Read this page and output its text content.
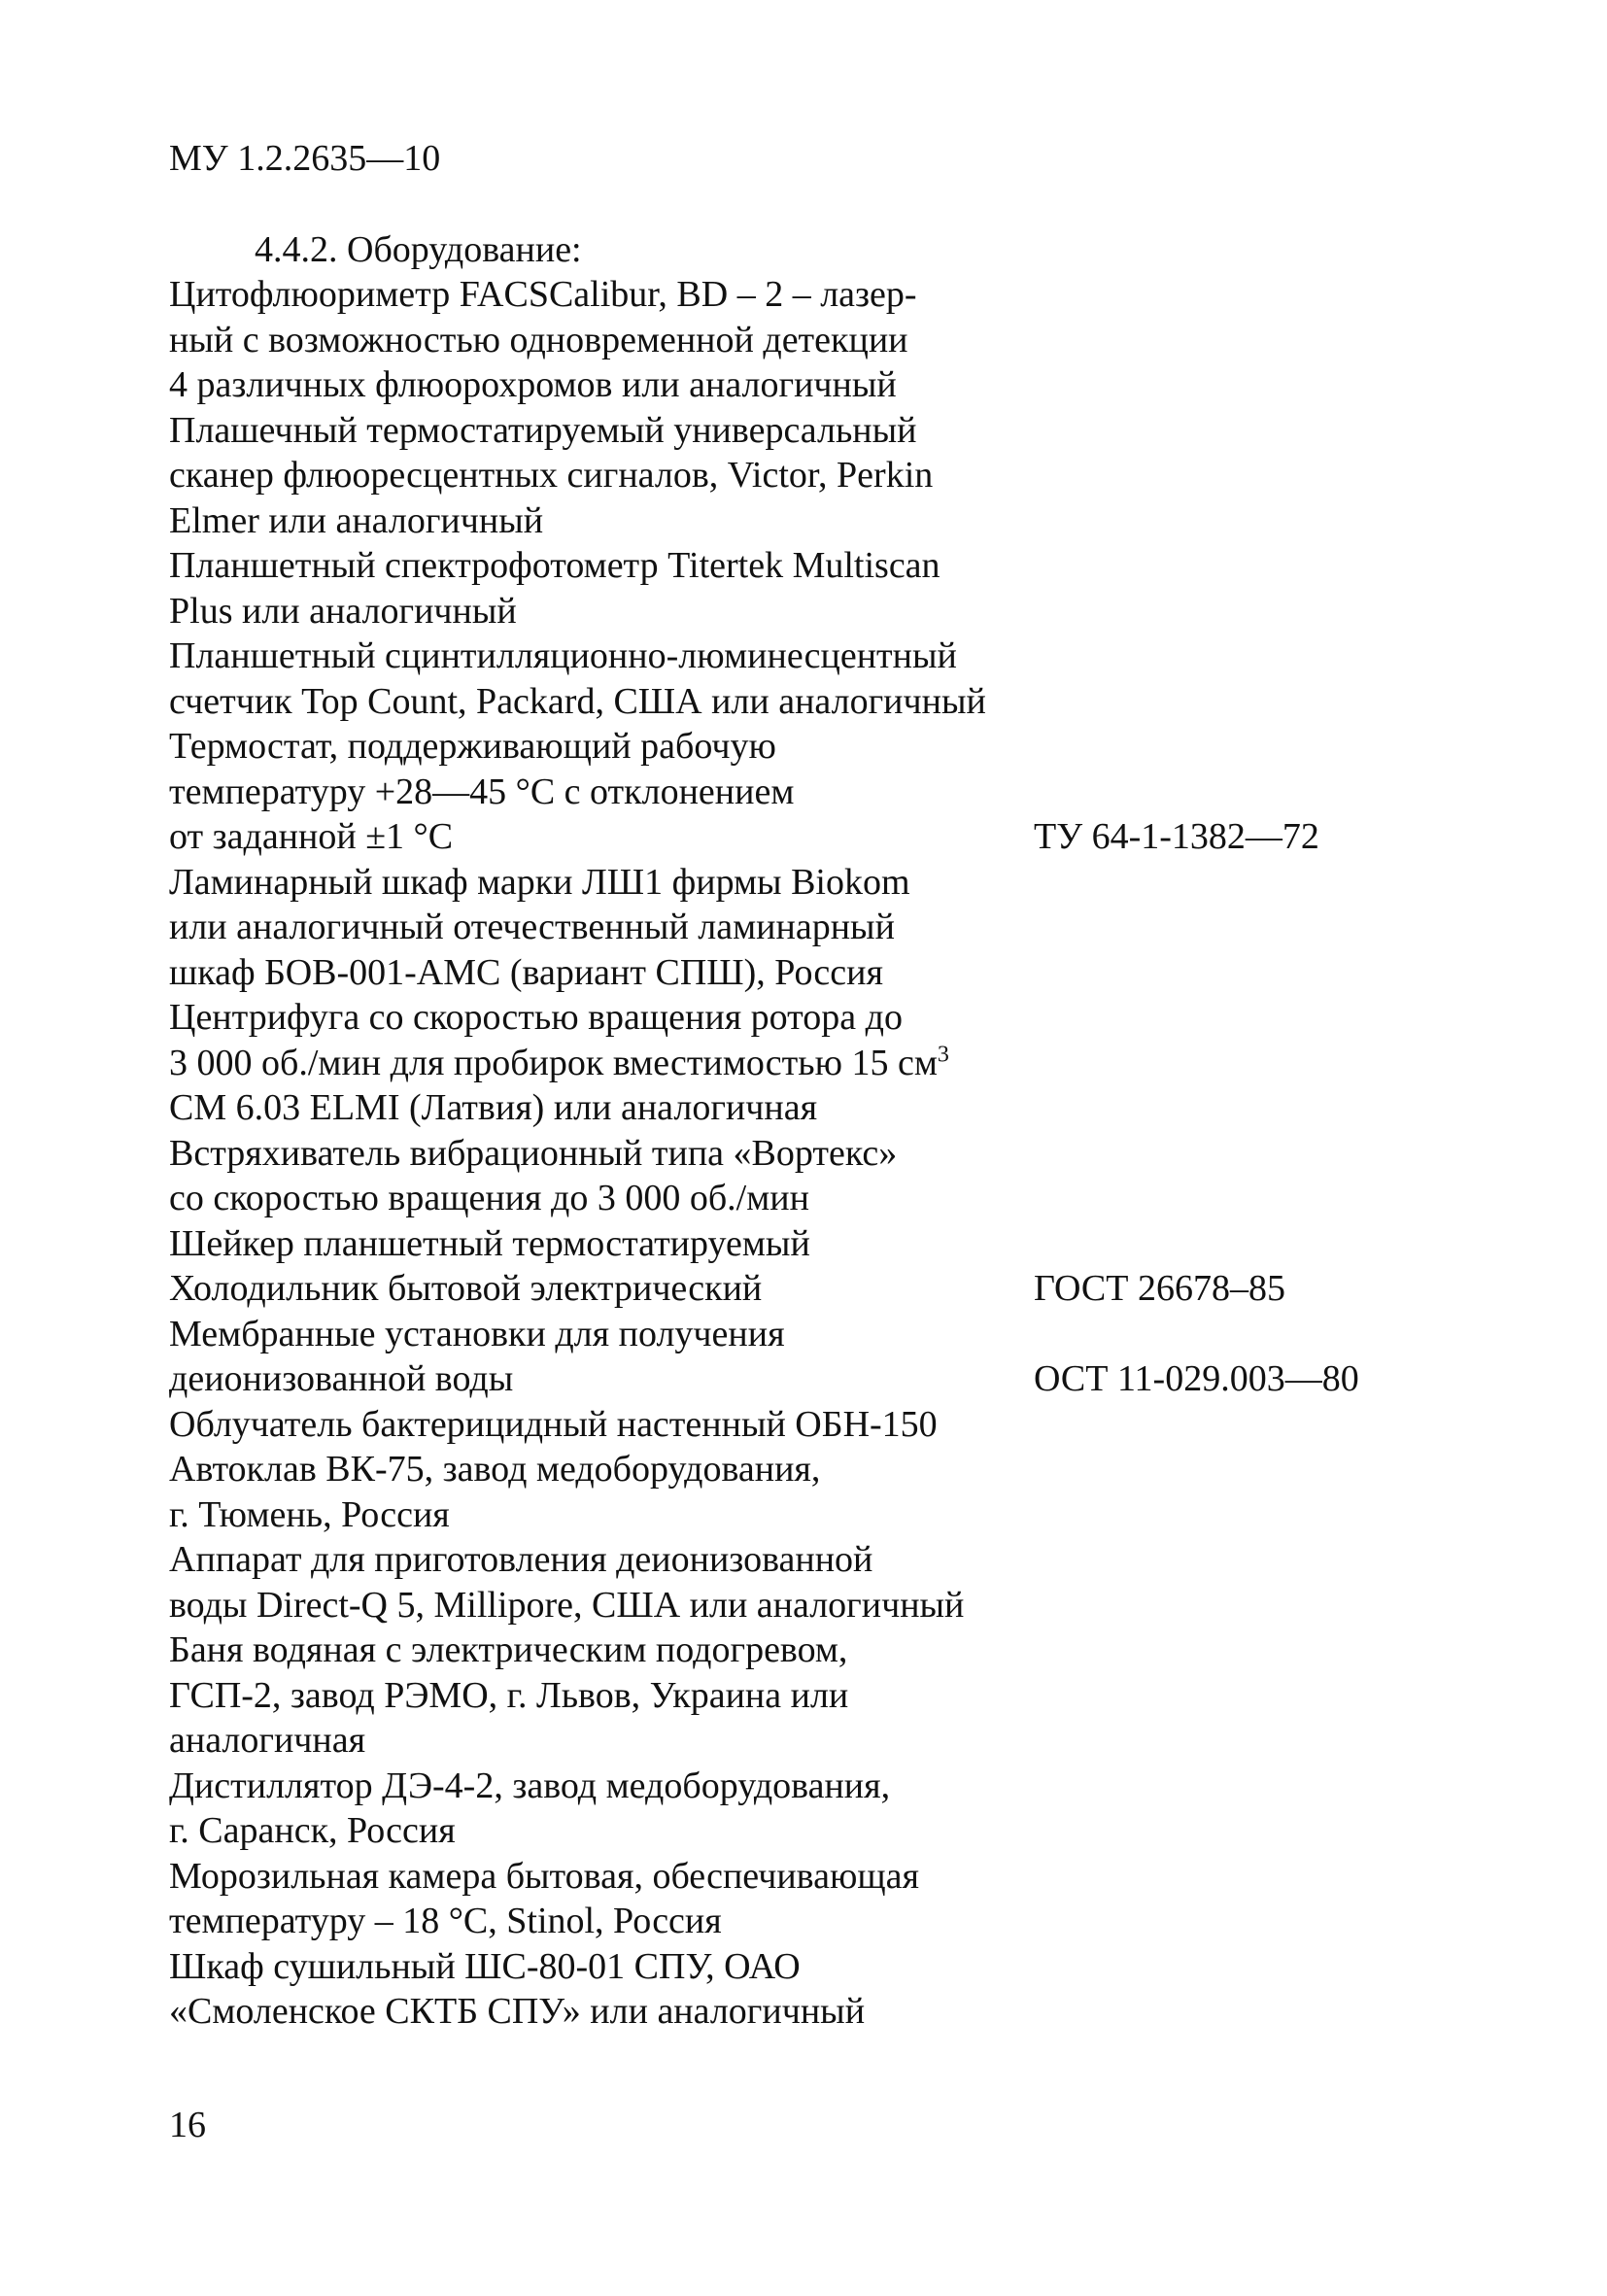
МУ 1.2.2635—10
4.4.2. Оборудование:
Цитофлюориметр FACSCalibur, BD – 2 – лазер-
ный с возможностью одновременной детекции
4 различных флюорохромов или аналогичный
Плашечный термостатируемый универсальный
сканер флюоресцентных сигналов, Victor, Perkin
Elmer или аналогичный
Планшетный спектрофотометр Titertek Multiscan
Plus или аналогичный
Планшетный сцинтилляционно-люминесцентный
счетчик Top Count, Packard, США или аналогичный
Термостат, поддерживающий рабочую
температуру +28—45 °С с отклонением
от заданной ±1 °С	ТУ 64-1-1382—72
Ламинарный шкаф марки ЛШ1 фирмы Biokom
или аналогичный отечественный ламинарный
шкаф БОВ-001-АМС (вариант СПШ), Россия
Центрифуга со скоростью вращения ротора до
3 000 об./мин для пробирок вместимостью 15 $см^3$
СМ 6.03 ELMI (Латвия) или аналогичная
Встряхиватель вибрационный типа «Вортекс»
со скоростью вращения до 3 000 об./мин
Шейкер планшетный термостатируемый
Холодильник бытовой электрический	ГОСТ 26678–85
Мембранные установки для получения
деионизованной воды	ОСТ 11-029.003—80
Облучатель бактерицидный настенный ОБН-150
Автоклав ВК-75, завод медоборудования,
г. Тюмень, Россия
Аппарат для приготовления деионизованной
воды Direct-Q 5, Millipore, США или аналогичный
Баня водяная с электрическим подогревом,
ГСП-2, завод РЭМО, г. Львов, Украина или
аналогичная
Дистиллятор ДЭ-4-2, завод медоборудования,
г. Саранск, Россия
Морозильная камера бытовая, обеспечивающая
температуру – 18 °С, Stinol, Россия
Шкаф сушильный ШС-80-01 СПУ, ОАО
«Смоленское СКТБ СПУ» или аналогичный
16
